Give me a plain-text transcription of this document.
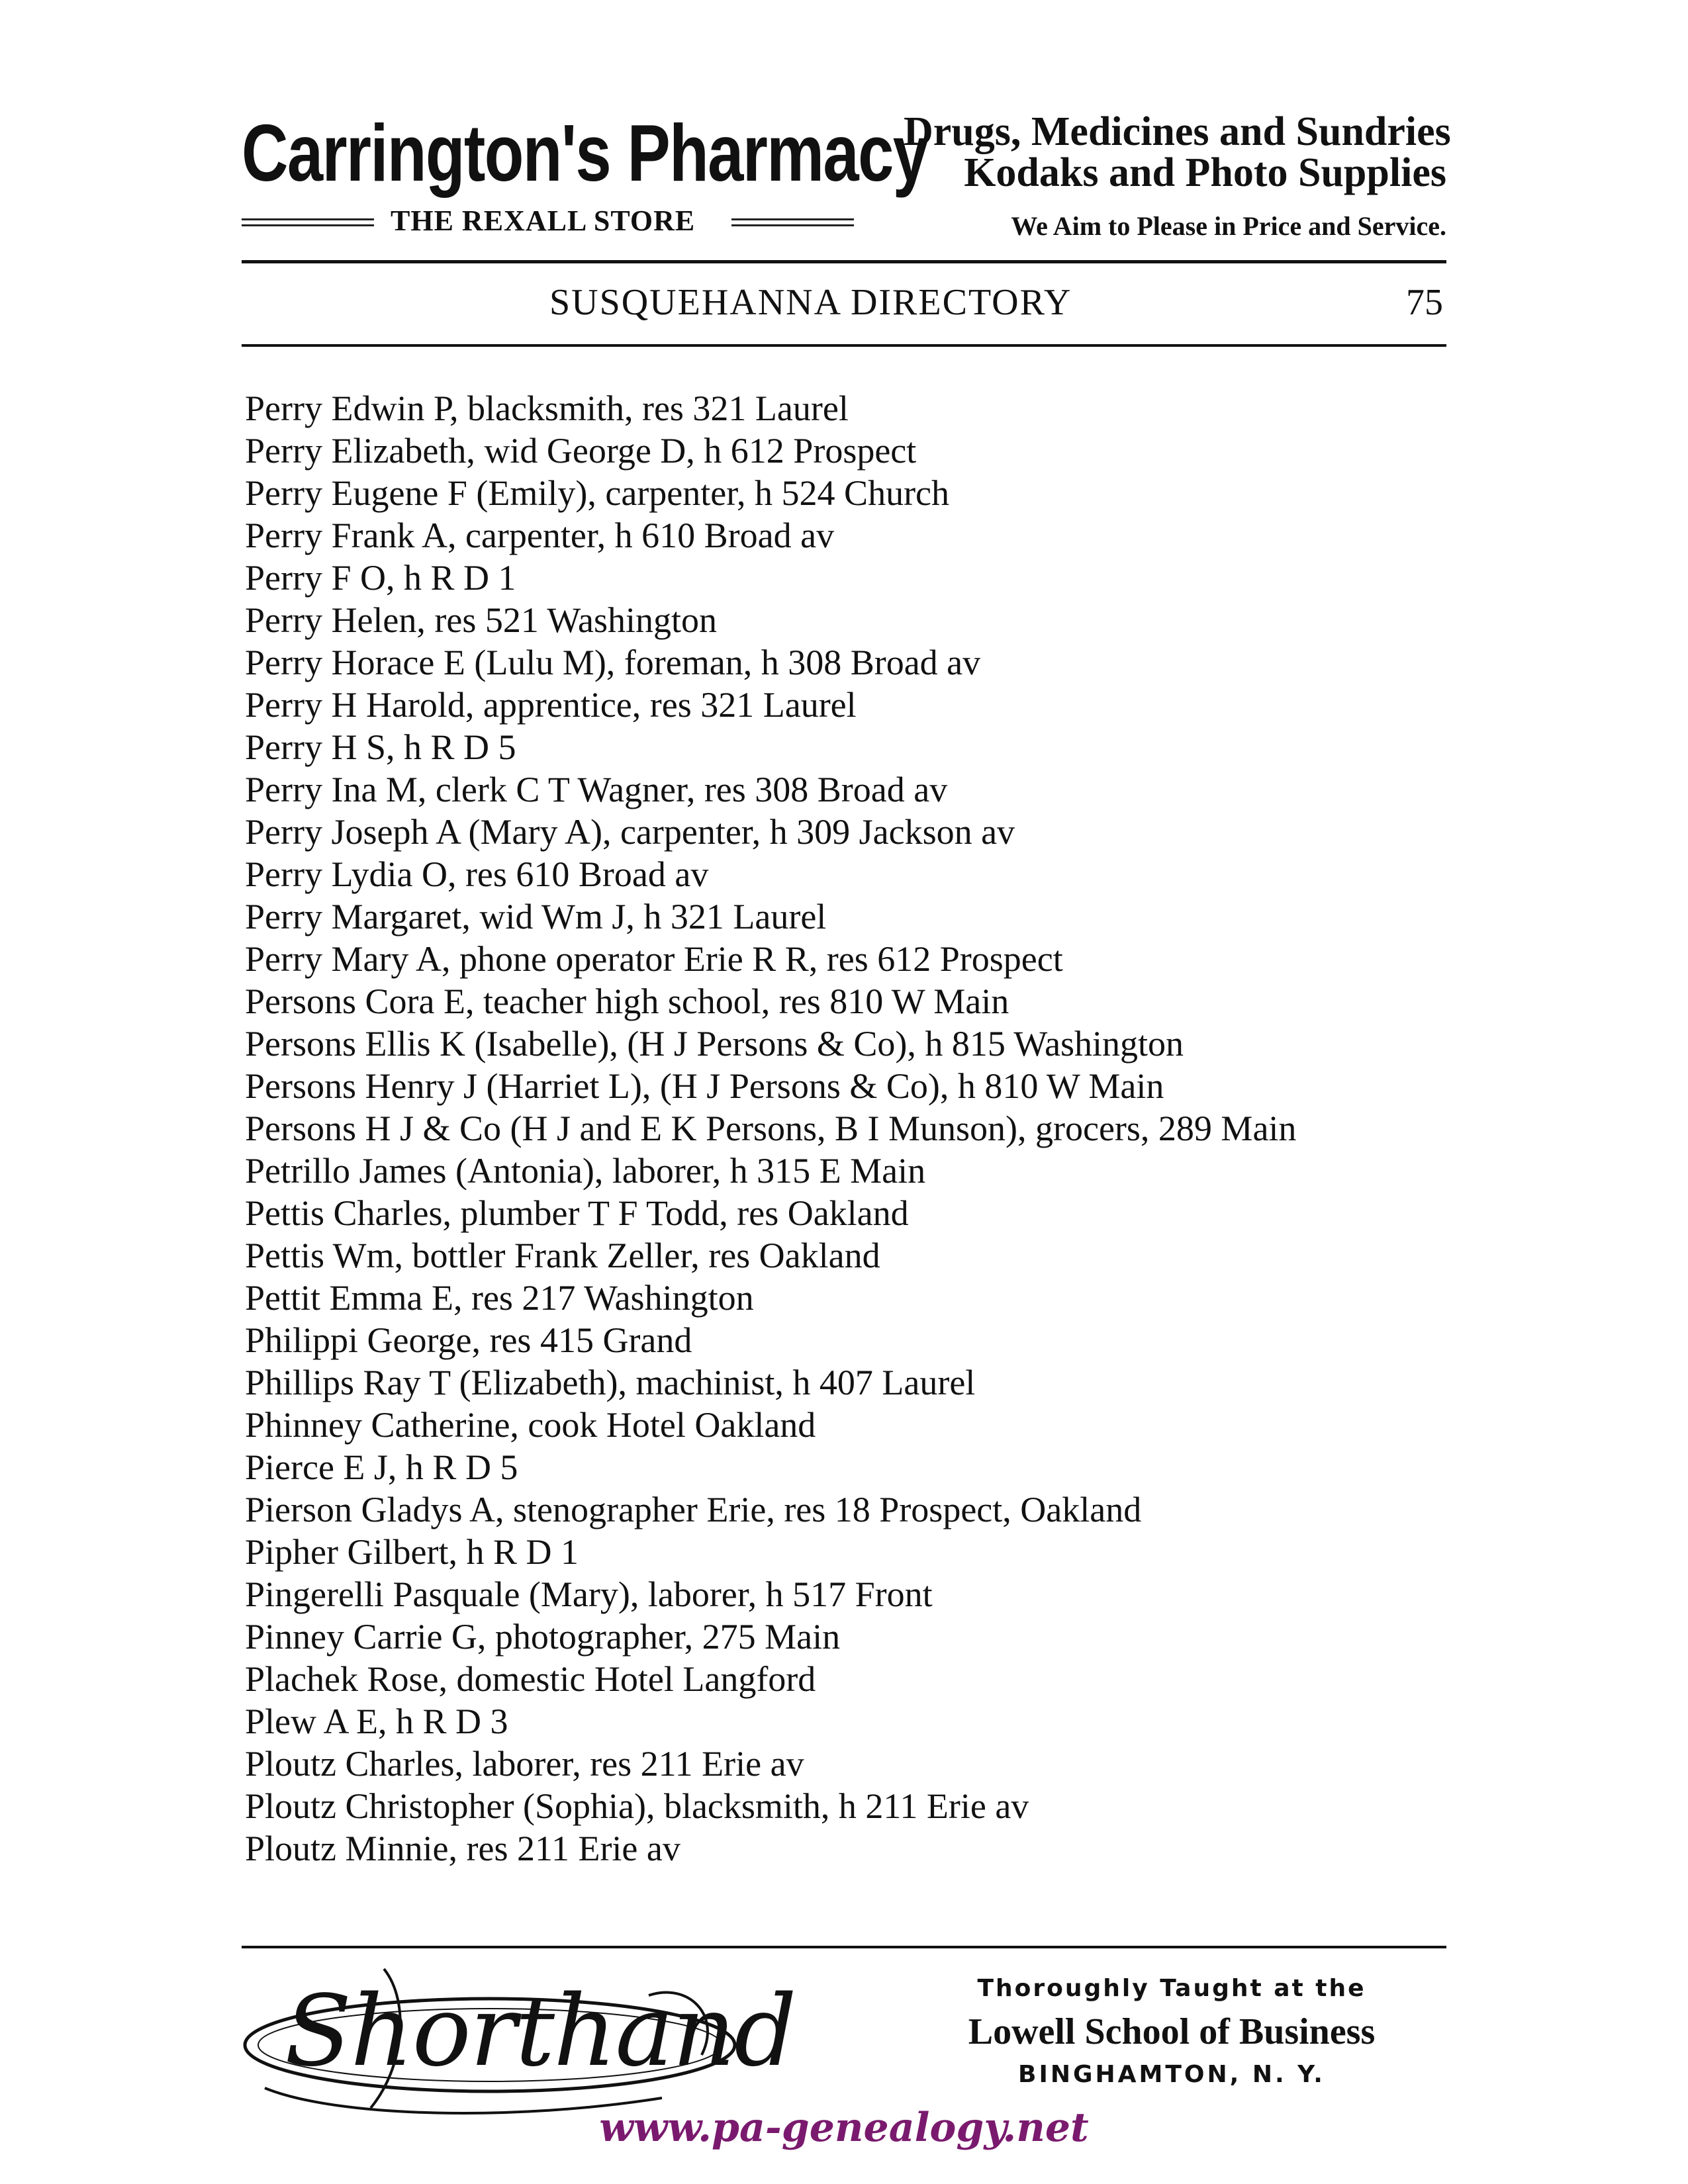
Carrington's Pharmacy
Drugs, Medicines and Sundries
Kodaks and Photo Supplies
THE REXALL STORE	We Aim to Please in Price and Service.
SUSQUEHANNA DIRECTORY	75
Perry Edwin P, blacksmith, res 321 Laurel
Perry Elizabeth, wid George D, h 612 Prospect
Perry Eugene F (Emily), carpenter, h 524 Church
Perry Frank A, carpenter, h 610 Broad av
Perry F O, h R D 1
Perry Helen, res 521 Washington
Perry Horace E (Lulu M), foreman, h 308 Broad av
Perry H Harold, apprentice, res 321 Laurel
Perry H S, h R D 5
Perry Ina M, clerk C T Wagner, res 308 Broad av
Perry Joseph A (Mary A), carpenter, h 309 Jackson av
Perry Lydia O, res 610 Broad av
Perry Margaret, wid Wm J, h 321 Laurel
Perry Mary A, phone operator Erie R R, res 612 Prospect
Persons Cora E, teacher high school, res 810 W Main
Persons Ellis K (Isabelle), (H J Persons & Co), h 815 Washington
Persons Henry J (Harriet L), (H J Persons & Co), h 810 W Main
Persons H J & Co (H J and E K Persons, B I Munson), grocers, 289 Main
Petrillo James (Antonia), laborer, h 315 E Main
Pettis Charles, plumber T F Todd, res Oakland
Pettis Wm, bottler Frank Zeller, res Oakland
Pettit Emma E, res 217 Washington
Philippi George, res 415 Grand
Phillips Ray T (Elizabeth), machinist, h 407 Laurel
Phinney Catherine, cook Hotel Oakland
Pierce E J, h R D 5
Pierson Gladys A, stenographer Erie, res 18 Prospect, Oakland
Pipher Gilbert, h R D 1
Pingerelli Pasquale (Mary), laborer, h 517 Front
Pinney Carrie G, photographer, 275 Main
Plachek Rose, domestic Hotel Langford
Plew A E, h R D 3
Ploutz Charles, laborer, res 211 Erie av
Ploutz Christopher (Sophia), blacksmith, h 211 Erie av
Ploutz Minnie, res 211 Erie av
Shorthand	Thoroughly Taught at the
Lowell School of Business
BINGHAMTON, N. Y.
www.pa-genealogy.net
